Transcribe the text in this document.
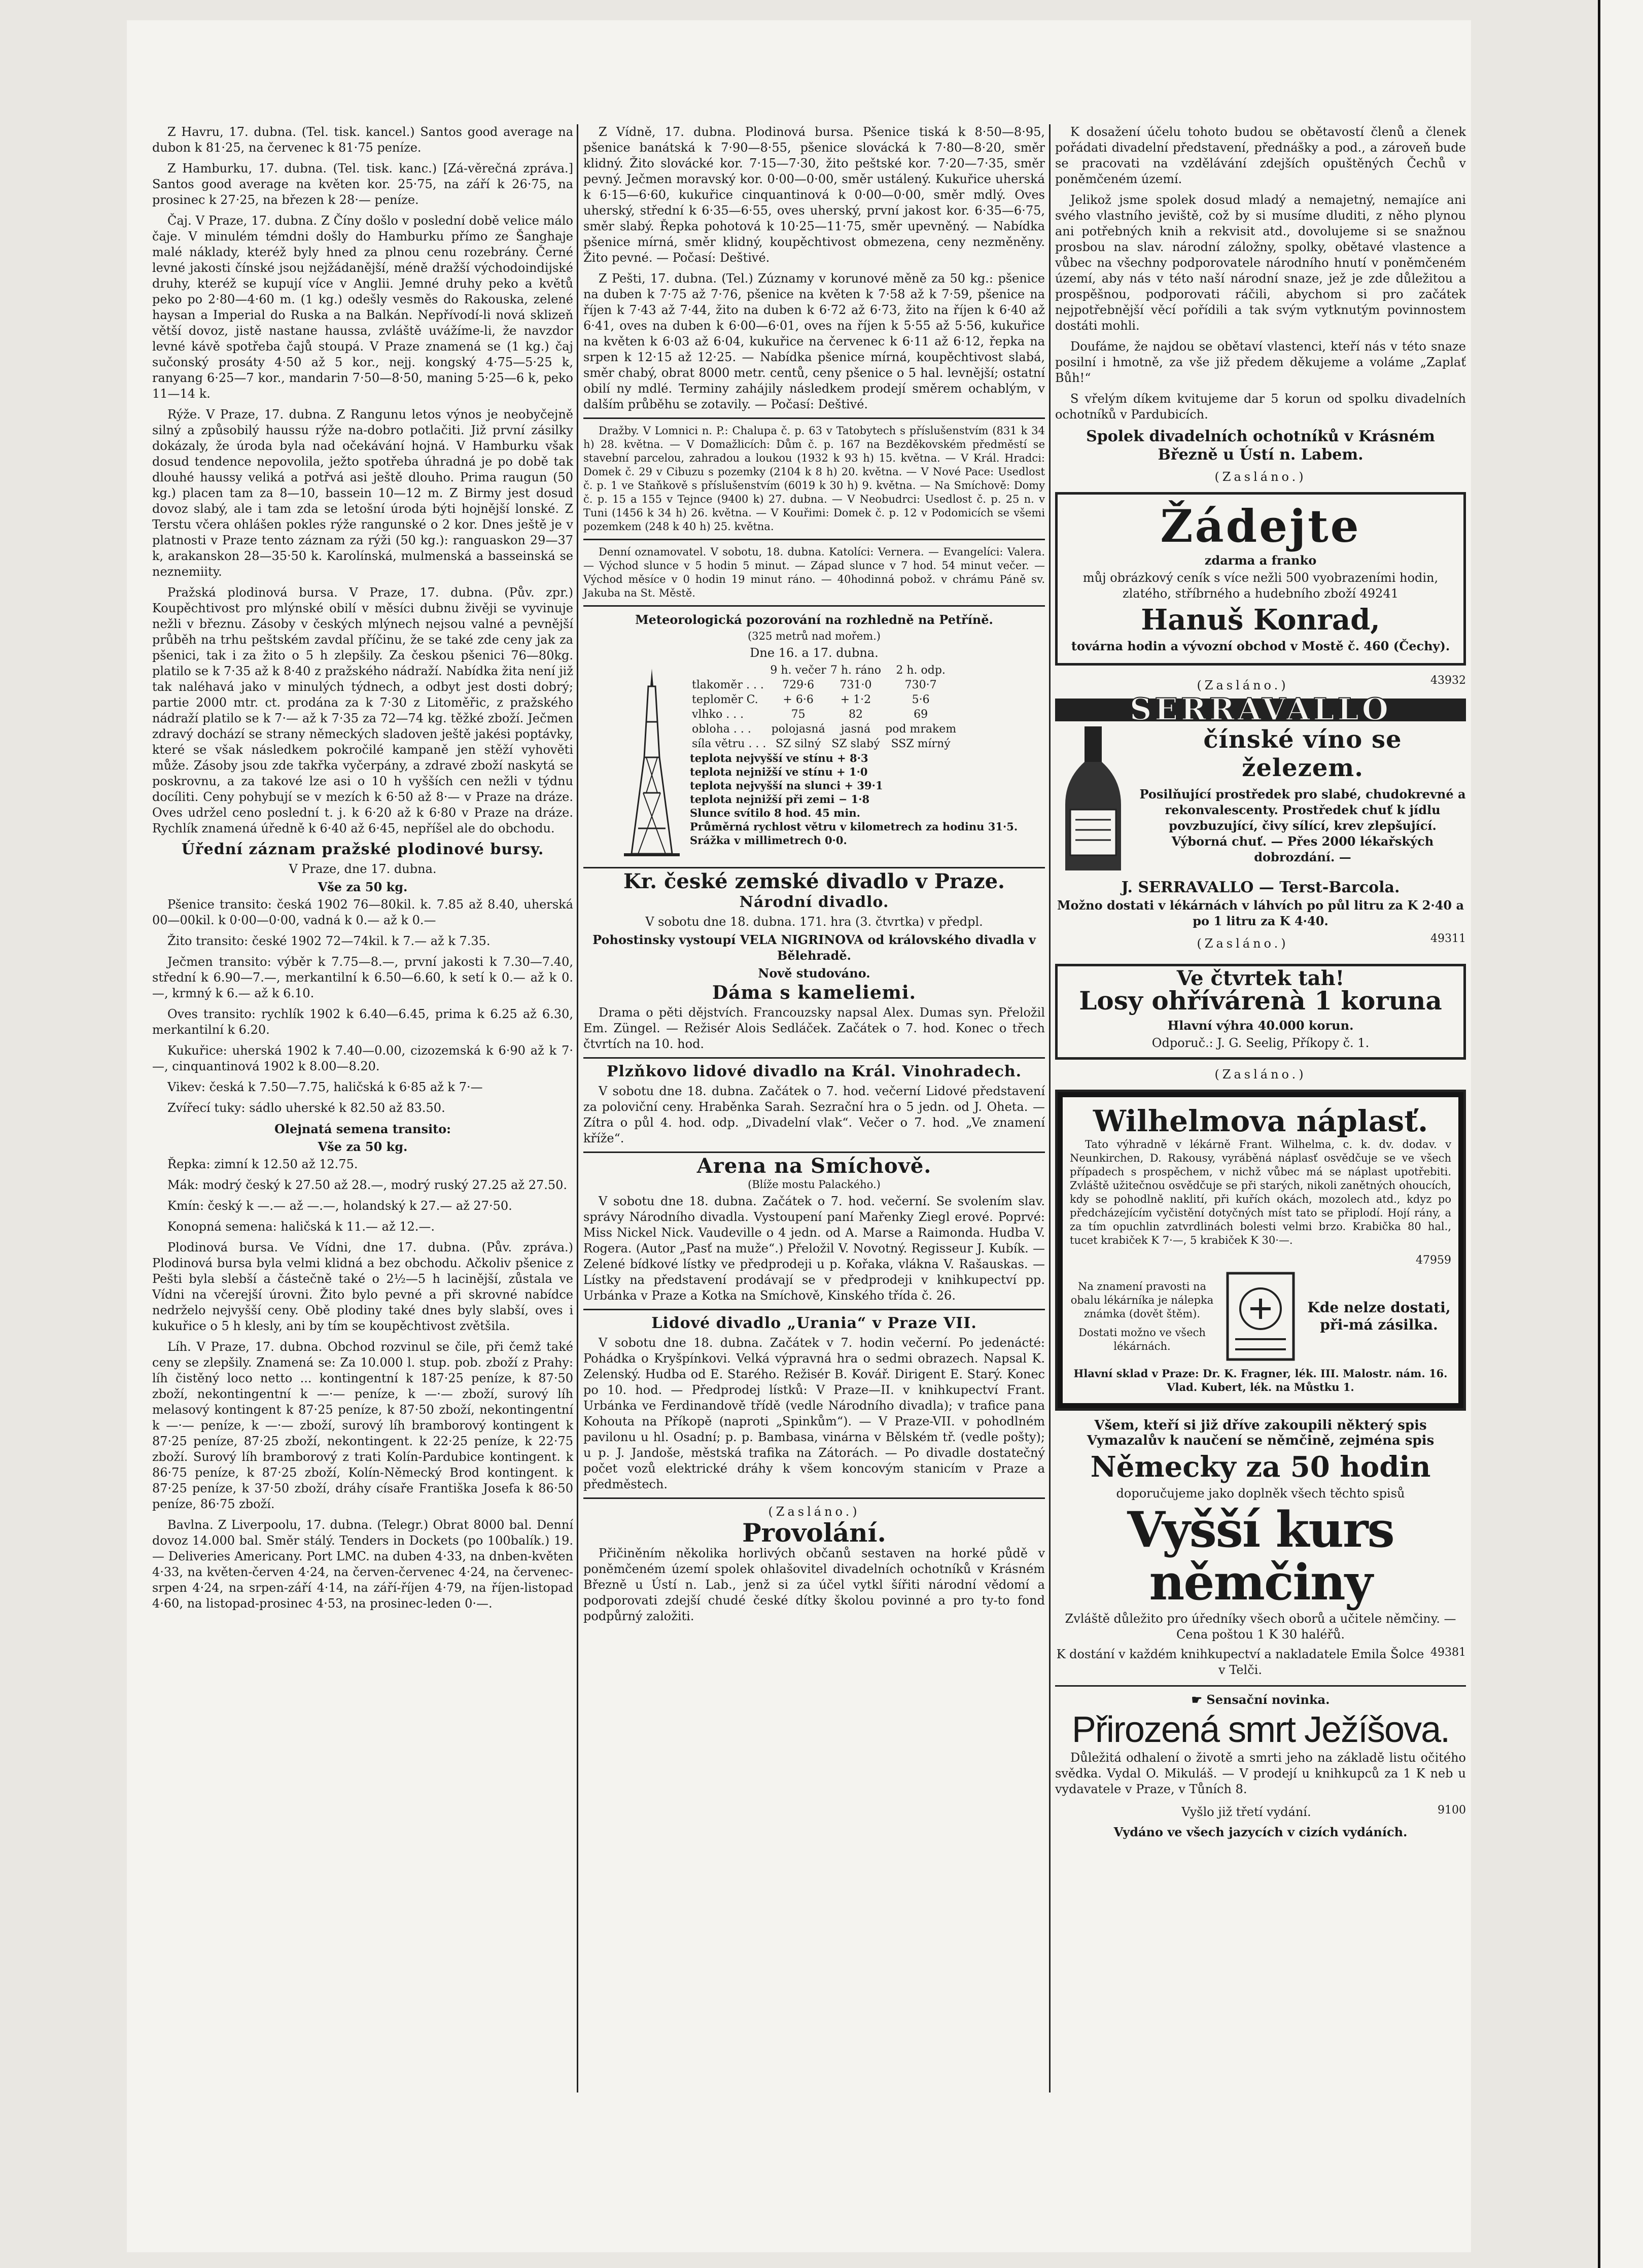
Z Havru, 17. dubna. (Tel. tisk. kancel.) Santos good average na dubon k 81·25, na červenec k 81·75 peníze.

Z Hamburku, 17. dubna. (Tel. tisk. kanc.) [Zá-věrečná zpráva.] Santos good average na květen kor. 25·75, na září k 26·75, na prosinec k 27·25, na březen k 28·— peníze.

Čaj. V Praze, 17. dubna. Z Číny došlo v poslední době velice málo čaje. V minulém témdni došly do Hamburku přímo ze Šanghaje malé náklady, kteréž byly hned za plnou cenu rozebrány. Černé levné jakosti čínské jsou nejžádanější, méně dražší východoindijské druhy, kteréž se kupují více v Anglii. Jemné druhy peko a květů peko po 2·80—4·60 m. (1 kg.) odešly vesměs do Rakouska, zelené haysan a Imperial do Ruska a na Balkán. Nepřívodí-li nová sklizeň větší dovoz, jistě nastane haussa, zvláště uvážíme-li, že navzdor levné kávě spotřeba čajů stoupá. V Praze znamená se (1 kg.) čaj sučonský prosáty 4·50 až 5 kor., nejj. kongský 4·75—5·25 k, ranyang 6·25—7 kor., mandarin 7·50—8·50, maning 5·25—6 k, peko 11—14 k.

Rýže. V Praze, 17. dubna. Z Rangunu letos výnos je neobyčejně silný a způsobilý haussu rýže na-dobro potlačiti. Již první zásilky dokázaly, že úroda byla nad očekávání hojná. V Hamburku však dosud tendence nepovolila, ježto spotřeba úhradná je po době tak dlouhé haussy veliká a potřvá asi ještě dlouho. Prima raugun (50 kg.) placen tam za 8—10, bassein 10—12 m. Z Birmy jest dosud dovoz slabý, ale i tam zda se letošní úroda býti hojnější lonské. Z Terstu včera ohlášen pokles rýže rangunské o 2 kor. Dnes ještě je v platnosti v Praze tento záznam za rýži (50 kg.): ranguaskon 29—37 k, arakanskon 28—35·50 k. Karolínská, mulmenská a basseinská se neznemiity.

Pražská plodinová bursa. V Praze, 17. dubna. (Pův. zpr.) Koupěchtivost pro mlýnské obilí v měsíci dubnu živěji se vyvinuje nežli v březnu. Zásoby v českých mlýnech nejsou valné a pevnější průběh na trhu peštském zavdal příčinu, že se také zde ceny jak za pšenici, tak i za žito o 5 h zlepšily. Za českou pšenici 76—80kg. platilo se k 7·35 až k 8·40 z pražského nádraží. Nabídka žita není již tak naléhavá jako v minulých týdnech, a odbyt jest dosti dobrý; partie 2000 mtr. ct. prodána za k 7·30 z Litoměřic, z pražského nádraží platilo se k 7·— až k 7·35 za 72—74 kg. těžké zboží. Ječmen zdravý dochází se strany německých sladoven ještě jakési poptávky, které se však následkem pokročilé kampaně jen stěží vyhověti může. Zásoby jsou zde takřka vyčerpány, a zdravé zboží naskytá se poskrovnu, a za takové lze asi o 10 h vyšších cen nežli v týdnu docíliti. Ceny pohybují se v mezích k 6·50 až 8·— v Praze na dráze. Oves udržel ceno poslední t. j. k 6·20 až k 6·80 v Praze na dráze. Rychlík znamená úředně k 6·40 až 6·45, nepříšel ale do obchodu.

Úřední záznam pražské plodinové bursy.
V Praze, dne 17. dubna.
Vše za 50 kg.

Pšenice transito: česká 1902 76—80kil. k. 7.85 až 8.40, uherská 00—00kil. k 0·00—0·00, vadná k 0.— až k 0.—

Žito transito: české 1902 72—74kil. k 7.— až k 7.35.

Ječmen transito: výběr k 7.75—8.—, první jakosti k 7.30—7.40, střední k 6.90—7.—, merkantilní k 6.50—6.60, k setí k 0.— až k 0.—, krmný k 6.— až k 6.10.

Oves transito: rychlík 1902 k 6.40—6.45, prima k 6.25 až 6.30, merkantilní k 6.20.

Kukuřice: uherská 1902 k 7.40—0.00, cizozemská k 6·90 až k 7·—, cinquantinová 1902 k 8.00—8.20.

Vikev: česká k 7.50—7.75, haličská k 6·85 až k 7·—

Zvířecí tuky: sádlo uherské k 82.50 až 83.50.

Olejnatá semena transito:
Vše za 50 kg.

Řepka: zimní k 12.50 až 12.75.

Mák: modrý český k 27.50 až 28.—, modrý ruský 27.25 až 27.50.

Kmín: český k —.— až —.—, holandský k 27.— až 27·50.

Konopná semena: haličská k 11.— až 12.—.

Plodinová bursa. Ve Vídni, dne 17. dubna. (Pův. zpráva.) Plodinová bursa byla velmi klidná a bez obchodu. Ačkoliv pšenice z Pešti byla slebší a částečně také o 2½—5 h lacinější, zůstala ve Vídni na včerejší úrovni. Žito bylo pevné a při skrovné nabídce nedrželo nejvyšší ceny. Obě plodiny také dnes byly slabší, oves i kukuřice o 5 h klesly, ani by tím se koupěchtivost zvětšila.

Líh. V Praze, 17. dubna. Obchod rozvinul se čile, při čemž také ceny se zlepšily. Znamená se: Za 10.000 l. stup. pob. zboží z Prahy: líh čistěný loco netto ... kontingentní k 187·25 peníze, k 87·50 zboží, nekontingentní k —·— peníze, k —·— zboží, surový líh melasový kontingent k 87·25 peníze, k 87·50 zboží, nekontingentní k —·— peníze, k —·— zboží, surový líh bramborový kontingent k 87·25 peníze, 87·25 zboží, nekontingent. k 22·25 peníze, k 22·75 zboží. Surový líh bramborový z trati Kolín-Pardubice kontingent. k 86·75 peníze, k 87·25 zboží, Kolín-Německý Brod kontingent. k 87·25 peníze, k 37·50 zboží, dráhy císaře Františka Josefa k 86·50 peníze, 86·75 zboží.

Bavlna. Z Liverpoolu, 17. dubna. (Telegr.) Obrat 8000 bal. Denní dovoz 14.000 bal. Směr stálý. Tenders in Dockets (po 100balík.) 19. — Deliveries Americany. Port LMC. na duben 4·33, na dnben-květen 4·33, na květen-červen 4·24, na červen-červenec 4·24, na červenec-srpen 4·24, na srpen-září 4·14, na září-říjen 4·79, na říjen-listopad 4·60, na listopad-prosinec 4·53, na prosinec-leden 0·—.

Z Vídně, 17. dubna. Plodinová bursa. Pšenice tiská k 8·50—8·95, pšenice banátská k 7·90—8·55, pšenice slovácká k 7·80—8·20, směr klidný. Žito slovácké kor. 7·15—7·30, žito peštské kor. 7·20—7·35, směr pevný. Ječmen moravský kor. 0·00—0·00, směr ustálený. Kukuřice uherská k 6·15—6·60, kukuřice cinquantinová k 0·00—0·00, směr mdlý. Oves uherský, střední k 6·35—6·55, oves uherský, první jakost kor. 6·35—6·75, směr slabý. Řepka pohotová k 10·25—11·75, směr upevněný. — Nabídka pšenice mírná, směr klidný, koupěchtivost obmezena, ceny nezměněny. Žito pevné. — Počasí: Deštivé.

Z Pešti, 17. dubna. (Tel.) Zúznamy v korunové měně za 50 kg.: pšenice na duben k 7·75 až 7·76, pšenice na květen k 7·58 až k 7·59, pšenice na říjen k 7·43 až 7·44, žito na duben k 6·72 až 6·73, žito na říjen k 6·40 až 6·41, oves na duben k 6·00—6·01, oves na říjen k 5·55 až 5·56, kukuřice na květen k 6·03 až 6·04, kukuřice na červenec k 6·11 až 6·12, řepka na srpen k 12·15 až 12·25. — Nabídka pšenice mírná, koupěchtivost slabá, směr chabý, obrat 8000 metr. centů, ceny pšenice o 5 hal. levnější; ostatní obilí ny mdlé. Terminy zahájily následkem prodejí směrem ochablým, v dalším průběhu se zotavily. — Počasí: Deštivé.

Dražby. V Lomnici n. P.: Chalupa č. p. 63 v Tatobytech s příslušenstvím (831 k 34 h) 28. května. — V Domažlicích: Dům č. p. 167 na Bezděkovském předměstí se stavební parcelou, zahradou a loukou (1932 k 93 h) 15. května. — V Král. Hradci: Domek č. 29 v Cibuzu s pozemky (2104 k 8 h) 20. května. — V Nové Pace: Usedlost č. p. 1 ve Staňkově s příslušenstvím (6019 k 30 h) 9. května. — Na Smíchově: Domy č. p. 15 a 155 v Tejnce (9400 k) 27. dubna. — V Neobudrci: Usedlost č. p. 25 n. v Tuni (1456 k 34 h) 26. května. — V Kouřimi: Domek č. p. 12 v Podomicích se všemi pozemkem (248 k 40 h) 25. května.

Denní oznamovatel. V sobotu, 18. dubna. Katolíci: Vernera. — Evangelíci: Valera. — Východ slunce v 5 hodin 5 minut. — Západ slunce v 7 hod. 54 minut večer. — Východ měsíce v 0 hodin 19 minut ráno. — 40hodinná pobož. v chrámu Páně sv. Jakuba na St. Městě.

Meteorologická pozorování na rozhledně na Petříně.
(325 metrů nad mořem.)
Dne 16. a 17. dubna.
	9 h. večer	7 h. ráno	2 h. odp.
tlakoměr . . .	729·6	731·0	730·7
teploměr C.	+ 6·6	+ 1·2	5·6
vlhko . . .	75	82	69
obloha . . .	polojasná	jasná	pod mrakem
síla větru . . .	SZ silný	SZ slabý	SSZ mírný
teplota nejvyšší ve stínu + 8·3
teplota nejnižší ve stínu + 1·0
teplota nejvyšší na slunci + 39·1
teplota nejnižší při zemi − 1·8
Slunce svítilo 8 hod. 45 min.
Průměrná rychlost větru v kilometrech za hodinu 31·5.
Srážka v millimetrech 0·0.
Kr. české zemské divadlo v Praze.
Národní divadlo.
V sobotu dne 18. dubna. 171. hra (3. čtvrtka) v předpl.
Pohostinsky vystoupí VELA NIGRINOVA od královského divadla v Bělehradě.
Nově studováno.
Dáma s kameliemi.

Drama o pěti dějstvích. Francouzsky napsal Alex. Dumas syn. Přeložil Em. Züngel. — Režisér Alois Sedláček. Začátek o 7. hod. Konec o třech čtvrtích na 10. hod.

Plzňkovo lidové divadlo na Král. Vinohradech.

V sobotu dne 18. dubna. Začátek o 7. hod. večerní Lidové představení za poloviční ceny. Hraběnka Sarah. Sezrační hra o 5 jedn. od J. Oheta. — Zítra o půl 4. hod. odp. „Divadelní vlak“. Večer o 7. hod. „Ve znamení kříže“.

Arena na Smíchově.
(Blíže mostu Palackého.)

V sobotu dne 18. dubna. Začátek o 7. hod. večerní. Se svolením slav. správy Národního divadla. Vystoupení paní Mařenky Ziegl erové. Poprvé: Miss Nickel Nick. Vaudeville o 4 jedn. od A. Marse a Raimonda. Hudba V. Rogera. (Autor „Pasť na muže“.) Přeložil V. Novotný. Regisseur J. Kubík. — Zelené bídkové lístky ve předprodeji u p. Kořaka, vlákna V. Rašauskas. — Lístky na představení prodávají se v předprodeji v knihkupectví pp. Urbánka v Praze a Kotka na Smíchově, Kinského třída č. 26.

Lidové divadlo „Urania“ v Praze VII.

V sobotu dne 18. dubna. Začátek v 7. hodin večerní. Po jedenácté: Pohádka o Kryšpínkovi. Velká výpravná hra o sedmi obrazech. Napsal K. Zelenský. Hudba od E. Starého. Režisér B. Kovář. Dirigent E. Starý. Konec po 10. hod. — Předprodej lístků: V Praze—II. v knihkupectví Frant. Urbánka ve Ferdinandově třídě (vedle Národního divadla); v trafice pana Kohouta na Příkopě (naproti „Spinkům“). — V Praze-VII. v pohodlném pavilonu u hl. Osadní; p. p. Bambasa, vinárna v Bělském tř. (vedle pošty); u p. J. Jandoše, městská trafika na Zátorách. — Po divadle dostatečný počet vozů elektrické dráhy k všem koncovým stanicím v Praze a předměstech.

(Zasláno.)
Provolání.

Přičiněním několika horlivých občanů sestaven na horké půdě v poněmčeném území spolek ohlašovitel divadelních ochotníků v Krásném Březně u Ústí n. Lab., jenž si za účel vytkl šířiti národní vědomí a podporovati zdejší chudé české dítky školou povinné a pro ty-to fond podpůrný založiti.

K dosažení účelu tohoto budou se obětavostí členů a členek pořádati divadelní představení, přednášky a pod., a zároveň bude se pracovati na vzdělávání zdejších opuštěných Čechů v poněmčeném území.

Jelikož jsme spolek dosud mladý a nemajetný, nemajíce ani svého vlastního jeviště, což by si musíme dluditi, z něho plynou ani potřebných knih a rekvisit atd., dovolujeme si se snažnou prosbou na slav. národní záložny, spolky, obětavé vlastence a vůbec na všechny podporovatele národního hnutí v poněmčeném území, aby nás v této naší národní snaze, jež je zde důležitou a prospěšnou, podporovati ráčili, abychom si pro začátek nejpotřebnější věcí pořídili a tak svým vytknutým povinnostem dostáti mohli.

Doufáme, že najdou se obětaví vlastenci, kteří nás v této snaze posilní i hmotně, za vše již předem děkujeme a voláme „Zaplať Bůh!“

S vřelým díkem kvitujeme dar 5 korun od spolku divadelních ochotníků v Pardubicích.

Spolek divadelních ochotníků v Krásném Březně u Ústí n. Labem.
(Zasláno.)
Žádejte
zdarma a franko
můj obrázkový ceník s více nežli 500 vyobrazeními hodin, zlatého, stříbrného a hudebního zboží 49241
Hanuš Konrad,
továrna hodin a vývozní obchod v Mostě č. 460 (Čechy).
(Zasláno.)	43932
SERRAVALLO
čínské víno se železem.
Posilňující prostředek pro slabé, chudokrevné a rekonvalescenty. Prostředek chuť k jídlu povzbuzující, čivy sílící, krev zlepšující. Výborná chuť. — Přes 2000 lékařských dobrozdání. —
J. SERRAVALLO — Terst-Barcola.
Možno dostati v lékárnách v láhvích po půl litru za K 2·40 a po 1 litru za K 4·40.
(Zasláno.)	49311
Ve čtvrtek tah!
Losy ohřívárenà 1 koruna
Hlavní výhra 40.000 korun.
Odporuč.: J. G. Seelig, Příkopy č. 1.
(Zasláno.)
Wilhelmova náplasť.

Tato výhradně v lékárně Frant. Wilhelma, c. k. dv. dodav. v Neunkirchen, D. Rakousy, vyráběná náplasť osvědčuje se ve všech případech s prospěchem, v nichž vůbec má se náplast upotřebiti. Zvláště užitečnou osvědčuje se při starých, nikoli zanětných ohoucích, kdy se pohodlně naklití, při kuřích okách, mozolech atd., kdyz po předcházejícím vyčistění dotyčných míst tato se připlodí. Hojí rány, a za tím opuchlin zatvrdlinách bolesti velmi brzo. Krabička 80 hal., tucet krabiček K 7·—, 5 krabiček K 30·—.

47959
Na znamení pravosti na obalu lékárníka je nálepka známka (dovět štěm).
Dostati možno ve všech lékárnách.
Kde nelze dostati, při-má zásilka.
Hlavní sklad v Praze: Dr. K. Fragner, lék. III. Malostr. nám. 16. Vlad. Kubert, lék. na Můstku 1.
Všem, kteří si již dříve zakoupili některý spis Vymazalův k naučení se němčině, zejména spis
Německy za 50 hodin
doporučujeme jako doplněk všech těchto spisů
Vyšší kurs němčiny
Zvláště důležito pro úředníky všech oborů a učitele němčiny. — Cena poštou 1 K 30 haléřů.
K dostání v každém knihkupectví a nakladatele Emila Šolce v Telči.
49381
☛ Sensační novinka.
Přirozená smrt Ježíšova.

Důležitá odhalení o životě a smrti jeho na základě listu očitého svědka. Vydal O. Mikuláš. — V prodejí u knihkupců za 1 K neb u vydavatele v Praze, v Tůních 8.

Vyšlo již třetí vydání.	9100
Vydáno ve všech jazycích v cizích vydáních.
